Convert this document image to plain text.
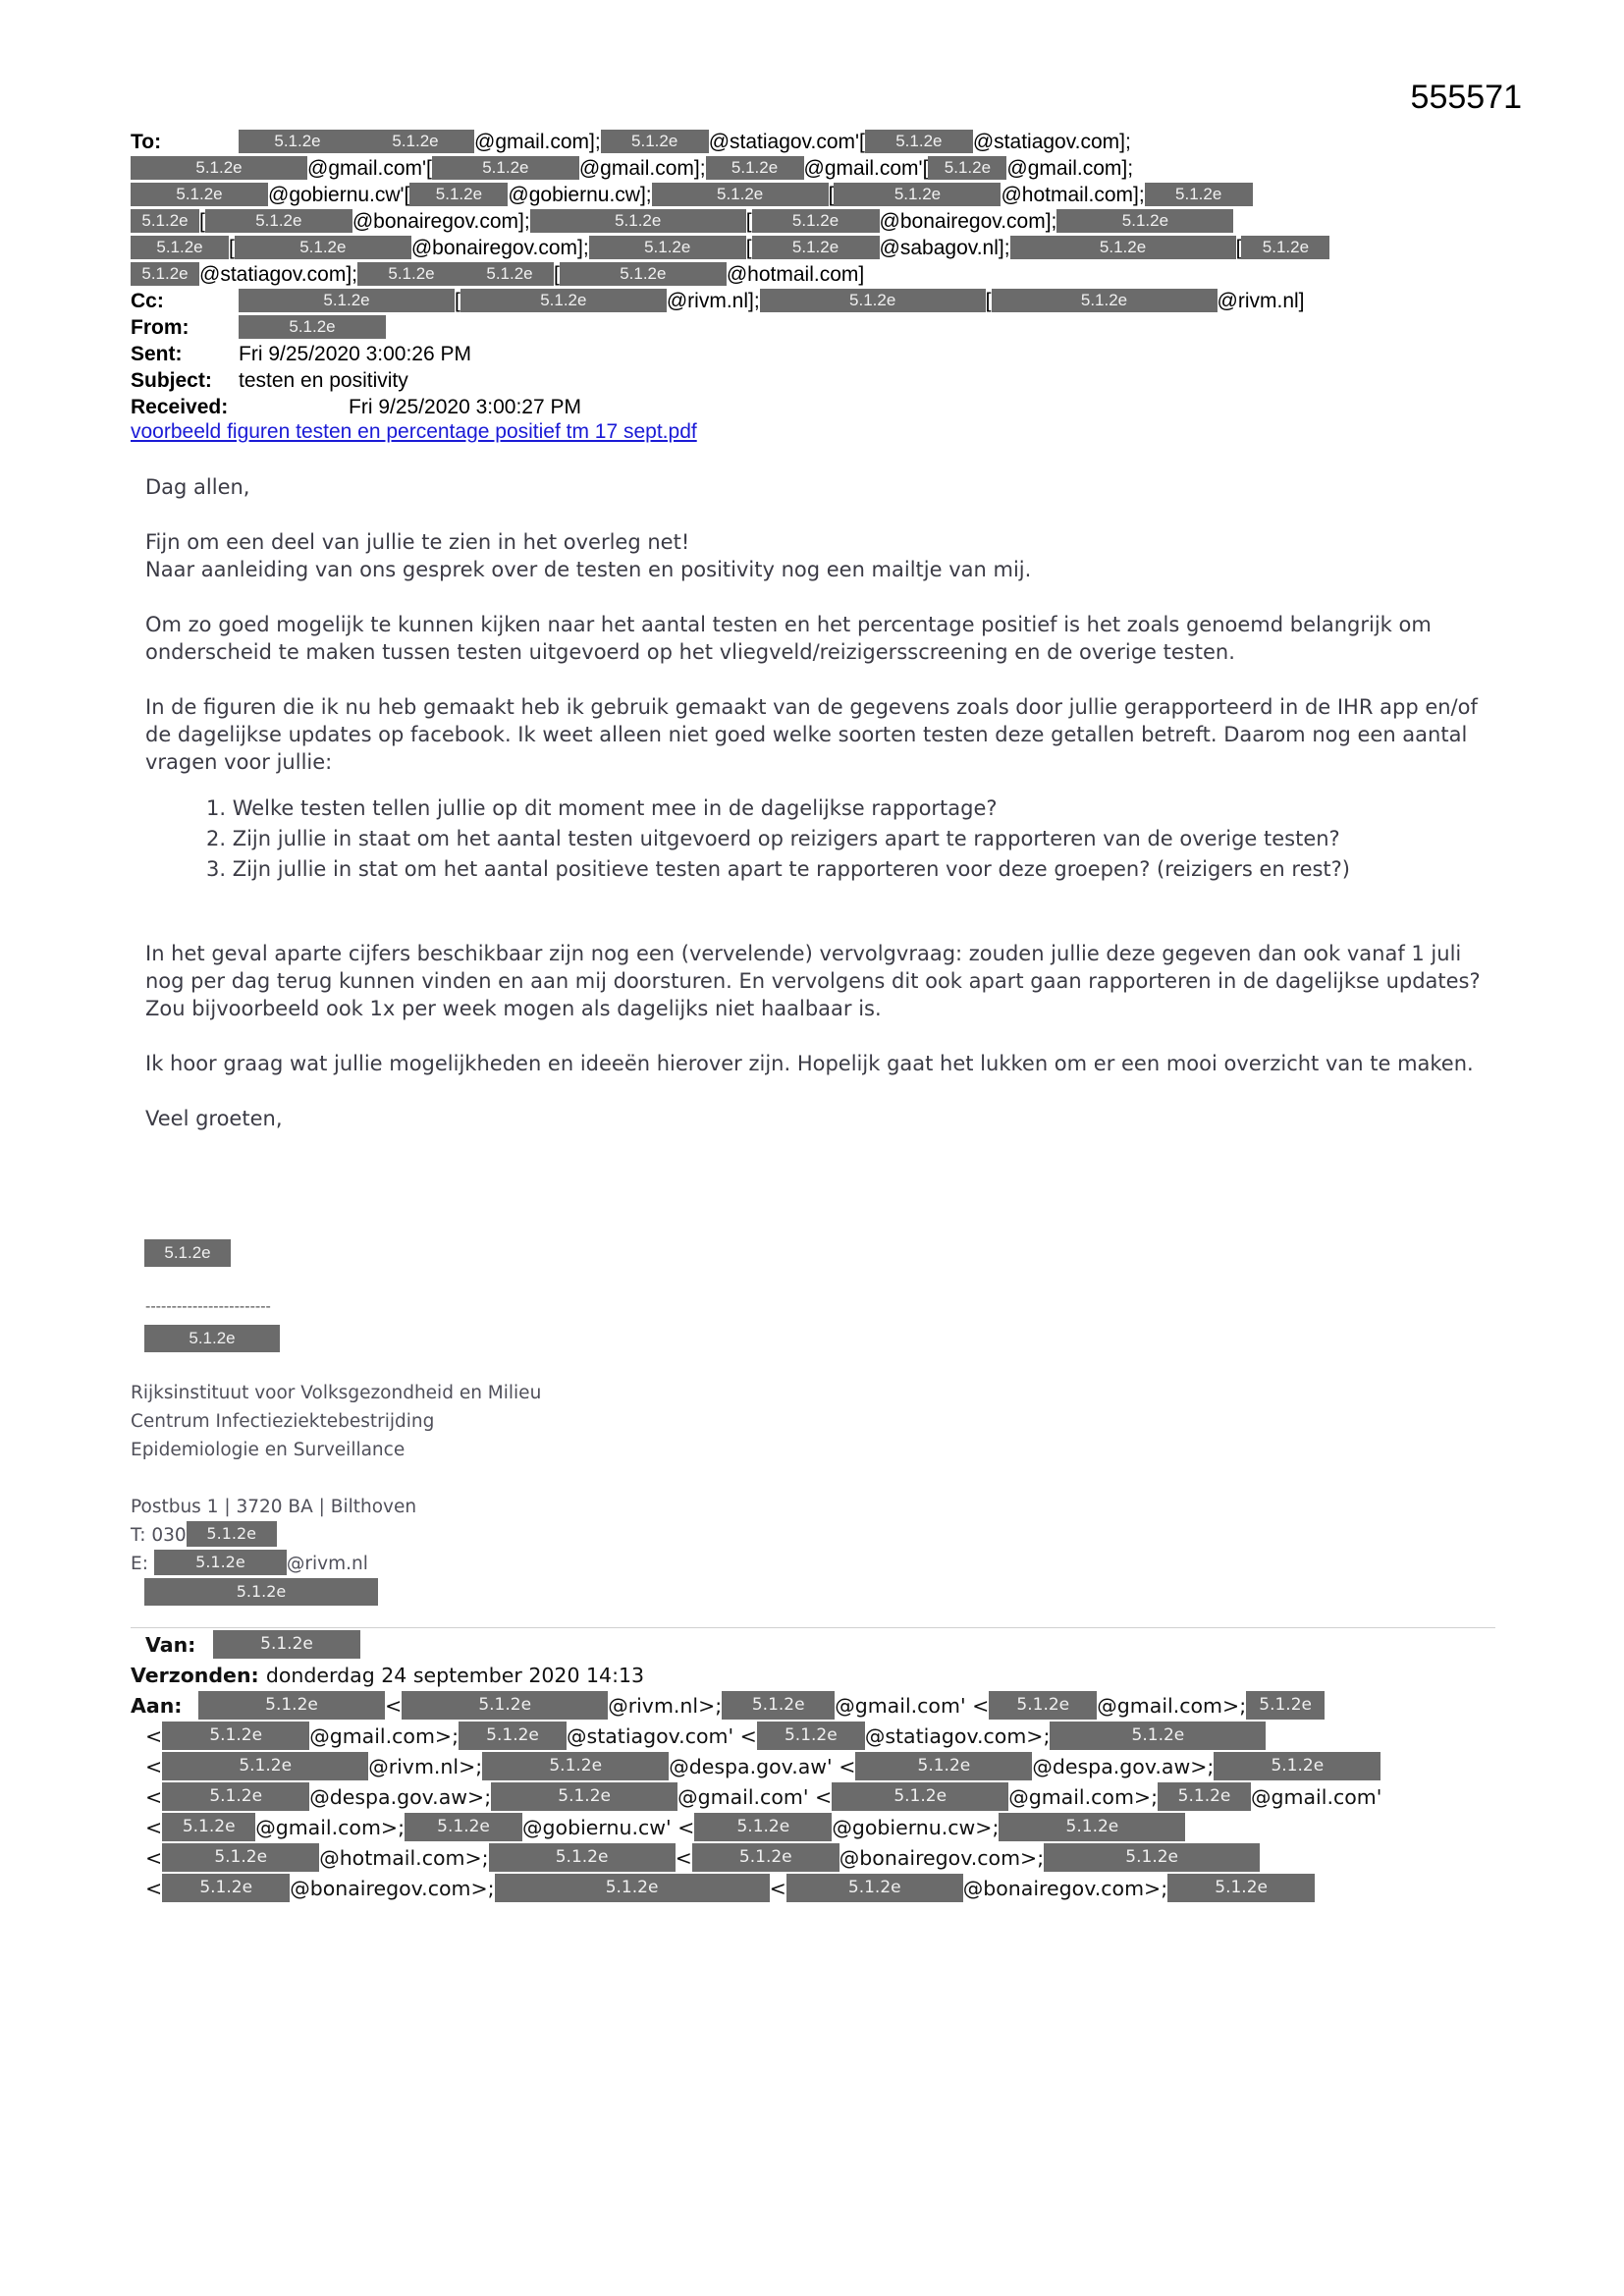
555571
To:	5.1.2e	5.1.2e @gmail.com]; 5.1.2e @statiagov.com'[ 5.1.2e @statiagov.com];
5.1.2e	@gmail.com'[	5.1.2e @gmail.com]; 5.1.2e @gmail.com'[ 5.1.2e @gmail.com];
5.1.2e @gobiernu.cw'[ 5.1.2e @gobiernu.cw];	5.1.2e	[	5.1.2e	@hotmail.com]; 5.1.2e
5.1.2e [	5.1.2e @bonairegov.com];	5.1.2e	[ 5.1.2e @bonairegov.com];	5.1.2e
5.1.2e [	5.1.2e	@bonairegov.com];	5.1.2e	[ 5.1.2e @sabagov.nl];	5.1.2e	[ 5.1.2e
5.1.2e @statiagov.com]; 5.1.2e	5.1.2e [	5.1.2e	@hotmail.com]
Cc:	5.1.2e	[	5.1.2e	@rivm.nl];	5.1.2e	[	5.1.2e	@rivm.nl]
From:	5.1.2e
Sent:	Fri 9/25/2020 3:00:26 PM
Subject: testen en positivity
Received:	Fri 9/25/2020 3:00:27 PM
voorbeeld figuren testen en percentage positief tm 17 sept.pdf

Dag allen,

Fijn om een deel van jullie te zien in het overleg net!

Naar aanleiding van ons gesprek over de testen en positivity nog een mailtje van mij.

Om zo goed mogelijk te kunnen kijken naar het aantal testen en het percentage positief is het zoals genoemd belangrijk om onderscheid te maken tussen testen uitgevoerd op het vliegveld/reizigersscreening en de overige testen.

In de figuren die ik nu heb gemaakt heb ik gebruik gemaakt van de gegevens zoals door jullie gerapporteerd in de IHR app en/of de dagelijkse updates op facebook. Ik weet alleen niet goed welke soorten testen deze getallen betreft. Daarom nog een aantal vragen voor jullie:

1. Welke testen tellen jullie op dit moment mee in de dagelijkse rapportage?
2. Zijn jullie in staat om het aantal testen uitgevoerd op reizigers apart te rapporteren van de overige testen?
3. Zijn jullie in stat om het aantal positieve testen apart te rapporteren voor deze groepen? (reizigers en rest?)

In het geval aparte cijfers beschikbaar zijn nog een (vervelende) vervolgvraag: zouden jullie deze gegeven dan ook vanaf 1 juli nog per dag terug kunnen vinden en aan mij doorsturen. En vervolgens dit ook apart gaan rapporteren in de dagelijkse updates? Zou bijvoorbeeld ook 1x per week mogen als dagelijks niet haalbaar is.

Ik hoor graag wat jullie mogelijkheden en ideeën hierover zijn. Hopelijk gaat het lukken om er een mooi overzicht van te maken.

Veel groeten,

5.1.2e
------------------------
5.1.2e
Rijksinstituut voor Volksgezondheid en Milieu
Centrum Infectieziektebestrijding
Epidemiologie en Surveillance
Postbus 1 | 3720 BA | Bilthoven
T: 030 5.1.2e
E:	5.1.2e @rivm.nl
5.1.2e
Van:	5.1.2e
Verzonden: donderdag 24 september 2020 14:13
Aan:	5.1.2e	<	5.1.2e	@rivm.nl>; 5.1.2e @gmail.com' < 5.1.2e @gmail.com>; 5.1.2e
<	5.1.2e @gmail.com>; 5.1.2e @statiagov.com' < 5.1.2e @statiagov.com>;	5.1.2e
<	5.1.2e	@rivm.nl>;	5.1.2e	@despa.gov.aw' <	5.1.2e	@despa.gov.aw>;	5.1.2e
<	5.1.2e @despa.gov.aw>;	5.1.2e	@gmail.com' <	5.1.2e	@gmail.com>; 5.1.2e @gmail.com'
< 5.1.2e @gmail.com>; 5.1.2e @gobiernu.cw' <	5.1.2e @gobiernu.cw>;	5.1.2e
<	5.1.2e	@hotmail.com>;	5.1.2e	<	5.1.2e @bonairegov.com>;	5.1.2e
< 5.1.2e @bonairegov.com>;	5.1.2e	<	5.1.2e	@bonairegov.com>;	5.1.2e
